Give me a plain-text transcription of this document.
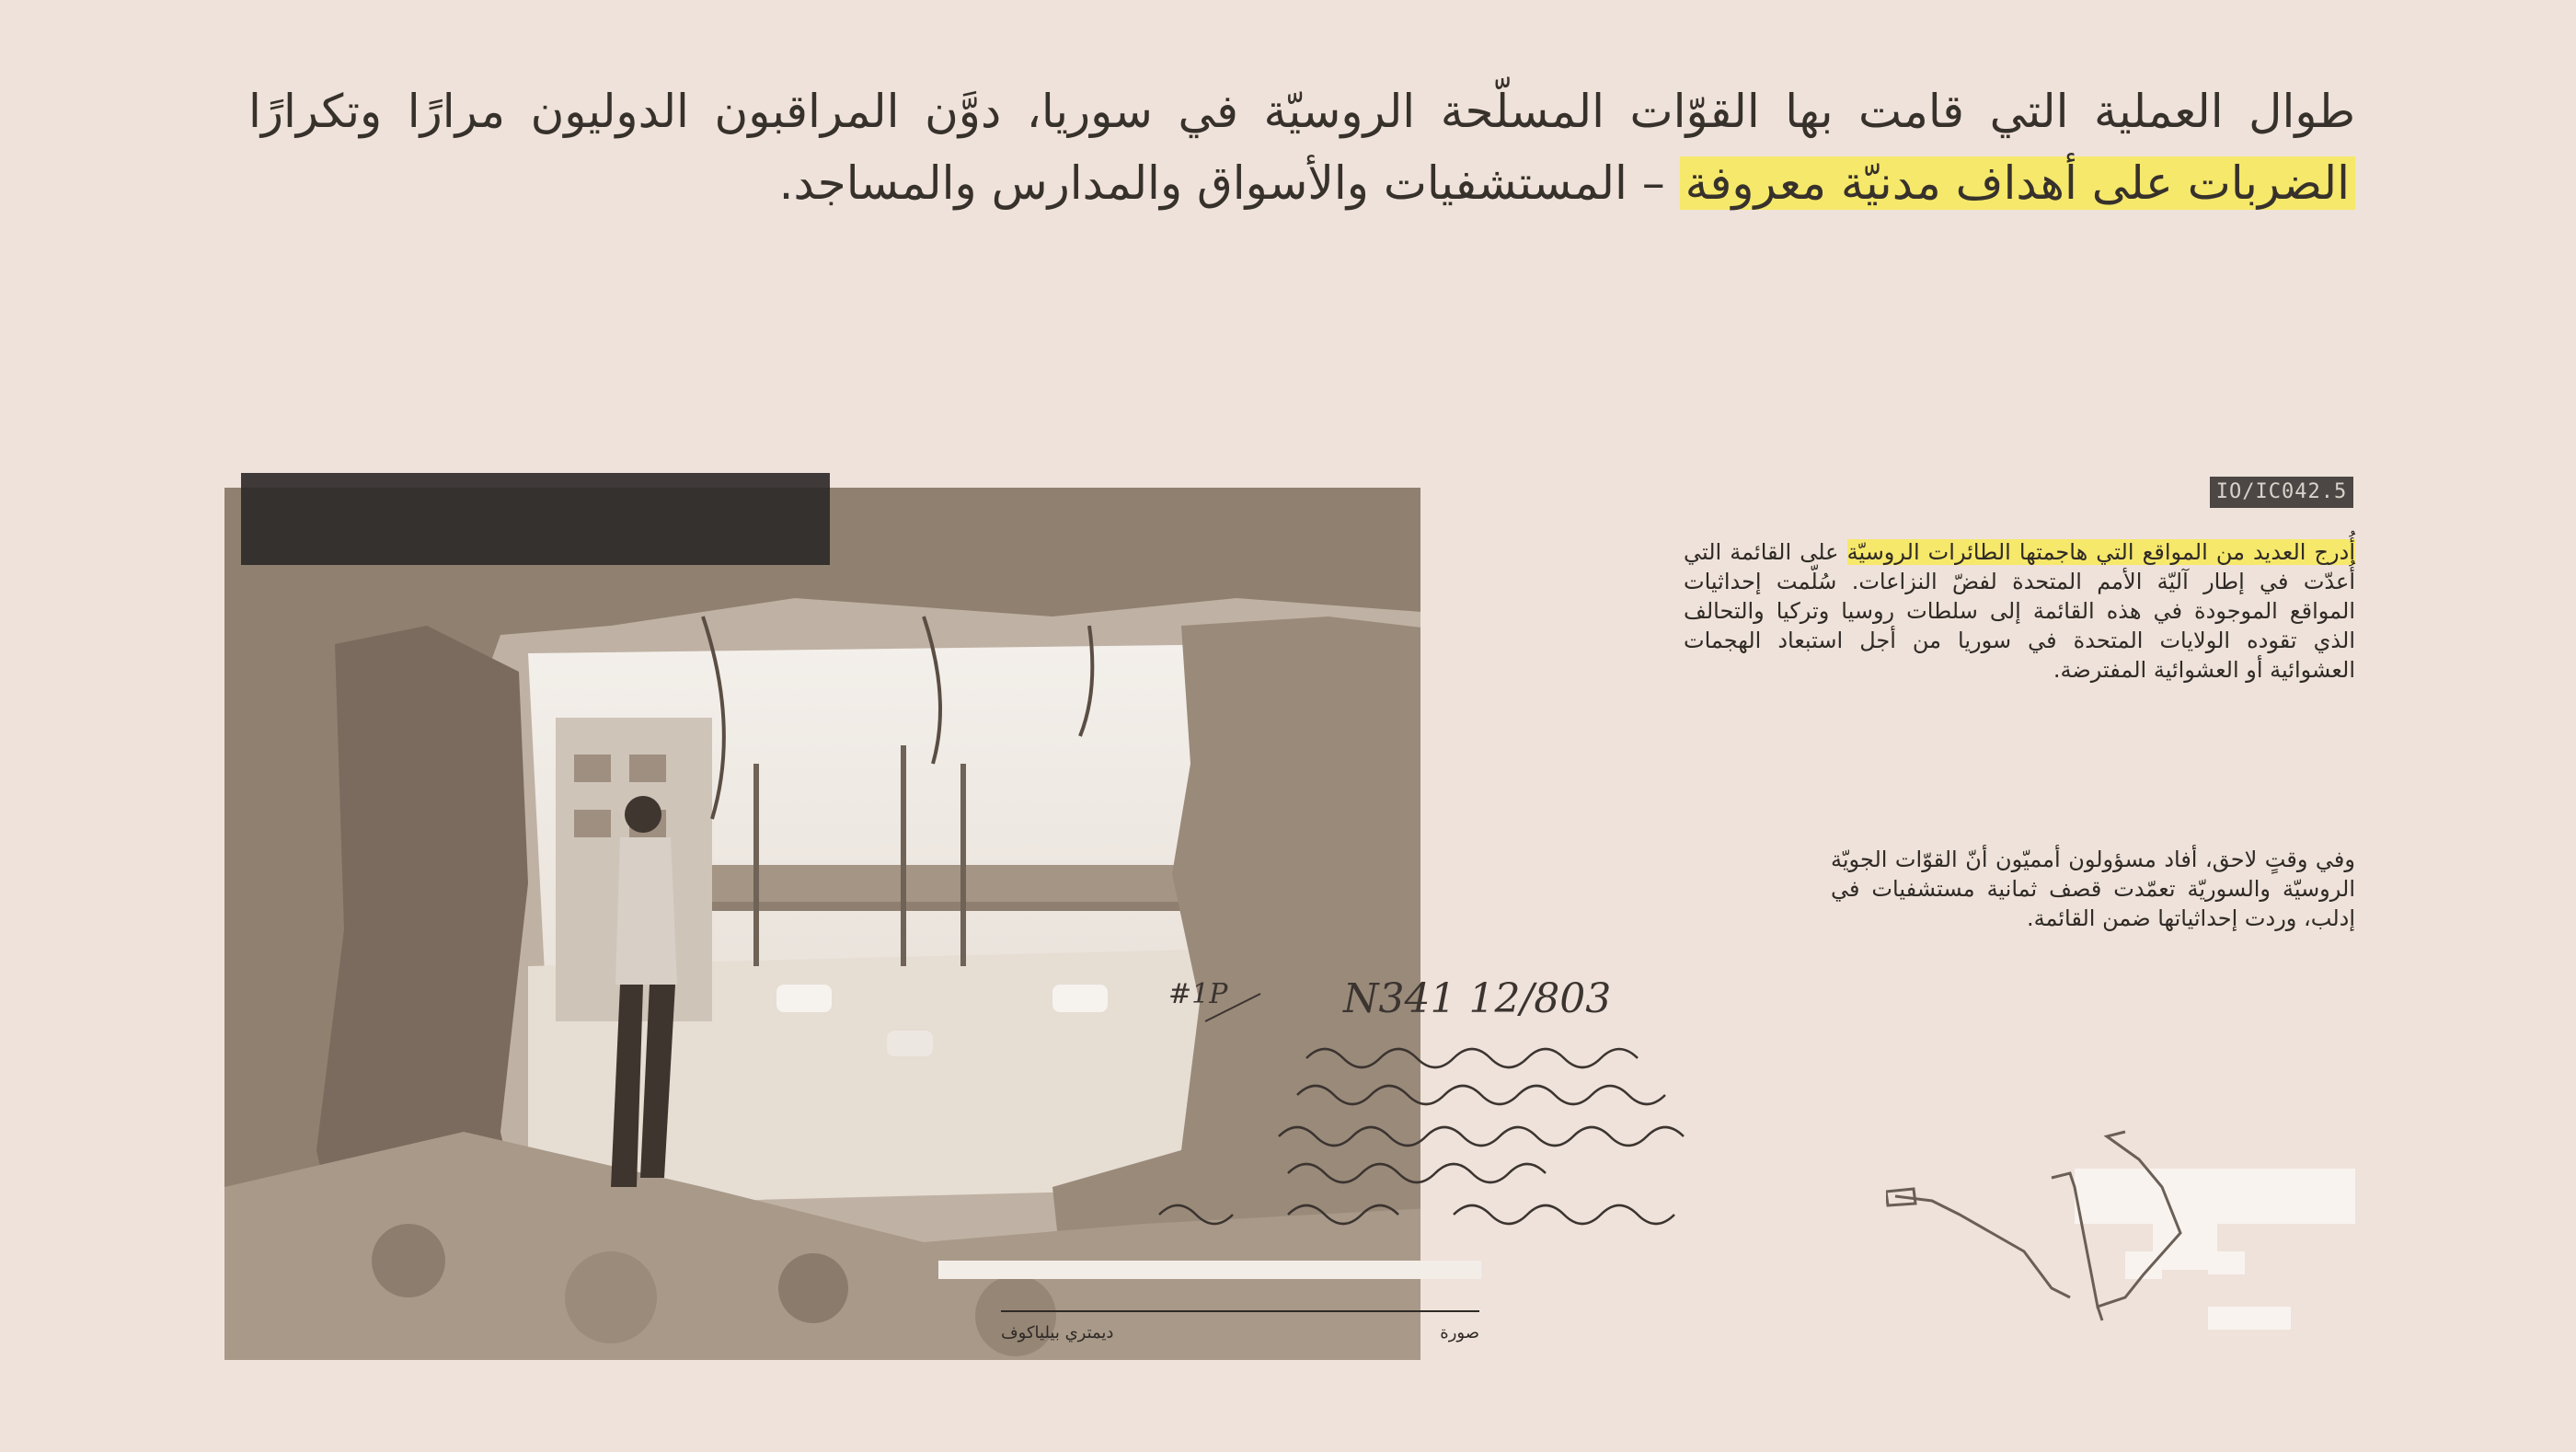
طوال العملية التي قامت بها القوّات المسلّحة الروسيّة في سوريا، دوَّن المراقبون الدوليون مرارًا وتكرارًا الضربات على أهداف مدنيّة معروفة – المستشفيات والأسواق والمدارس والمساجد.

صورة
ديمتري بيلياكوف
#1P	N341 12/803
IO/IC042.5

أُدرج العديد من المواقع التي هاجمتها الطائرات الروسيّة على القائمة التي أُعدّت في إطار آليّة الأمم المتحدة لفضّ النزاعات. سُلّمت إحداثيات المواقع الموجودة في هذه القائمة إلى سلطات روسيا وتركيا والتحالف الذي تقوده الولايات المتحدة في سوريا من أجل استبعاد الهجمات العشوائية أو العشوائية المفترضة.

وفي وقتٍ لاحق، أفاد مسؤولون أمميّون أنّ القوّات الجويّة الروسيّة والسوريّة تعمّدت قصف ثمانية مستشفيات في إدلب، وردت إحداثياتها ضمن القائمة.
